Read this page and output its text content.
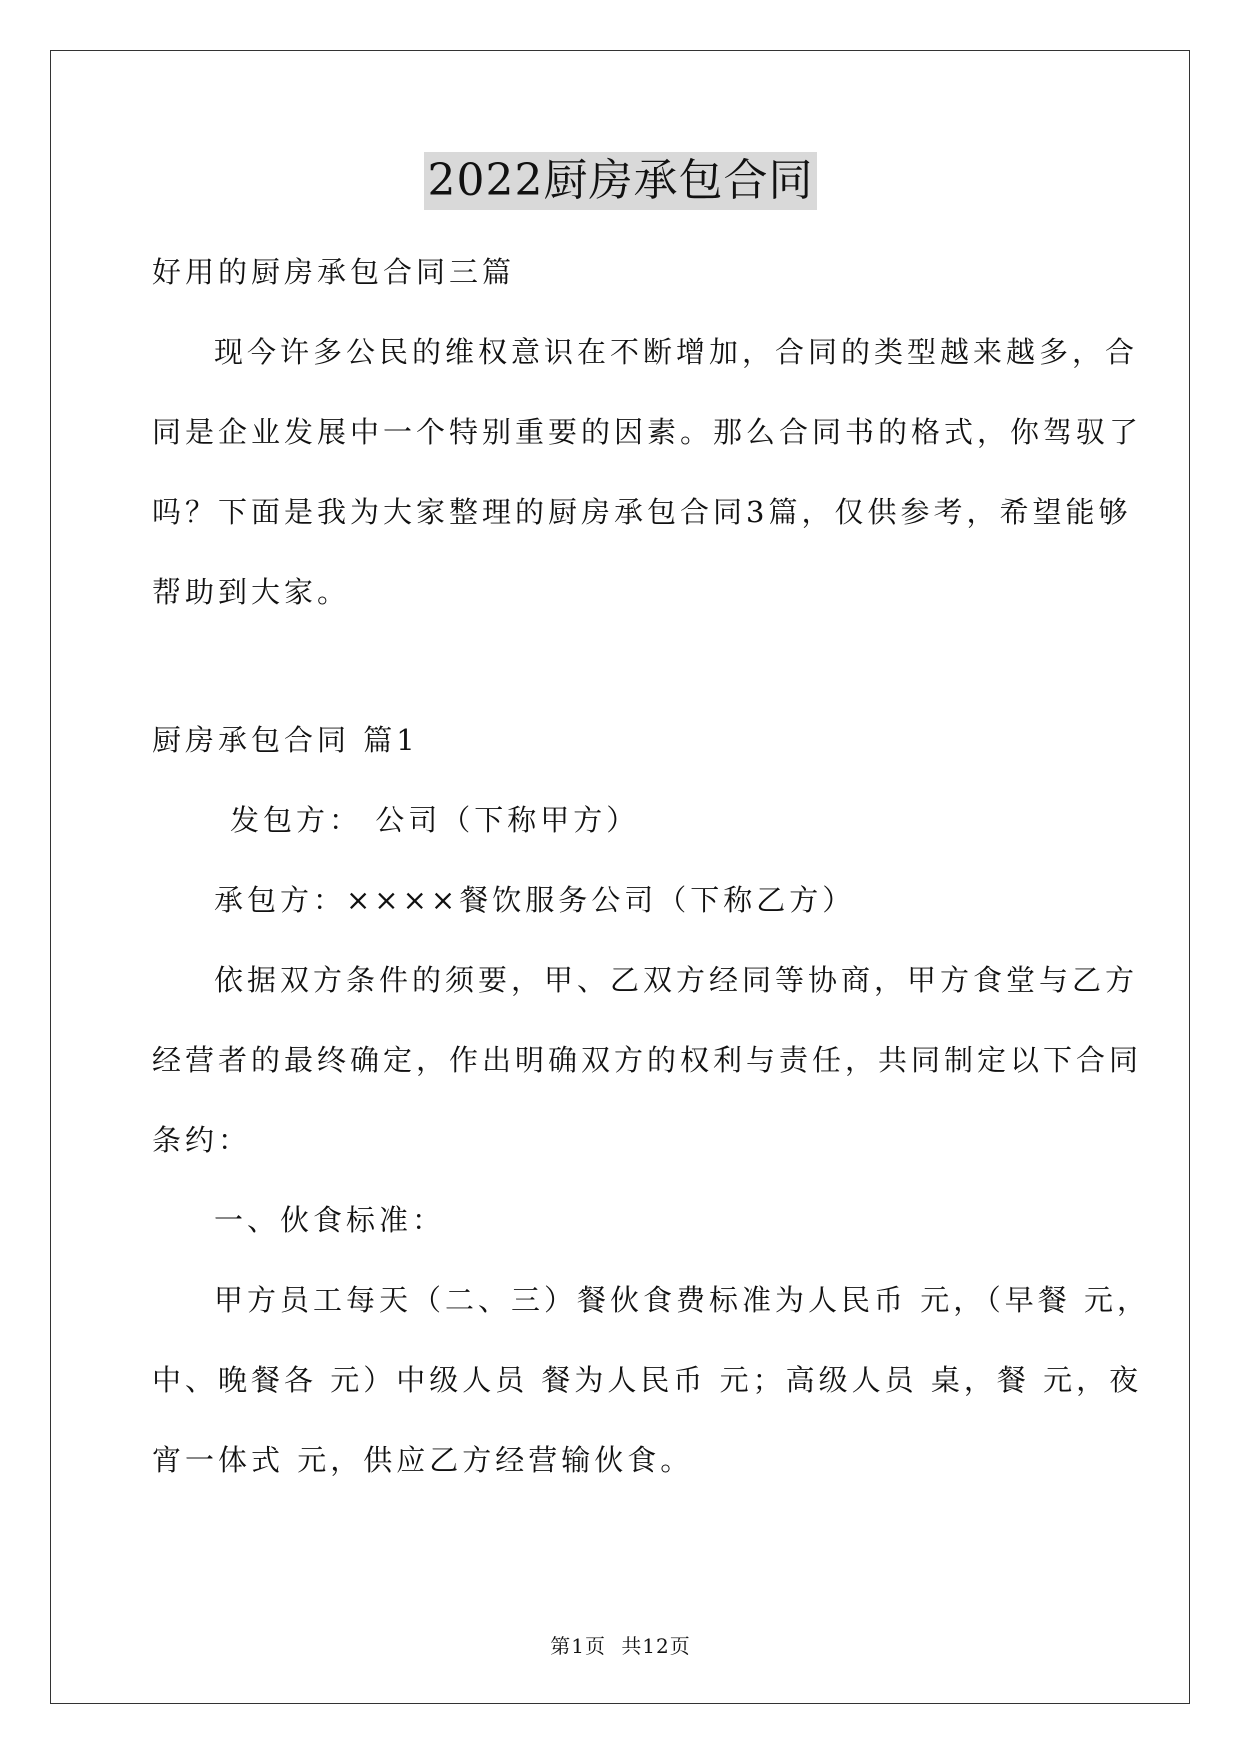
2022厨房承包合同
好用的厨房承包合同三篇
现今许多公民的维权意识在不断增加，合同的类型越来越多，合
同是企业发展中一个特别重要的因素。那么合同书的格式，你驾驭了
吗？下面是我为大家整理的厨房承包合同3篇，仅供参考，希望能够
帮助到大家。
厨房承包合同 篇1
发包方： 公司（下称甲方）
承包方：××××餐饮服务公司（下称乙方）
依据双方条件的须要，甲、乙双方经同等协商，甲方食堂与乙方
经营者的最终确定，作出明确双方的权利与责任，共同制定以下合同
条约：
一、伙食标准：
甲方员工每天（二、三）餐伙食费标准为人民币 元，（早餐 元，
中、晚餐各 元）中级人员 餐为人民币 元；高级人员 桌，餐 元，夜
宵一体式 元，供应乙方经营输伙食。
第1页 共12页
